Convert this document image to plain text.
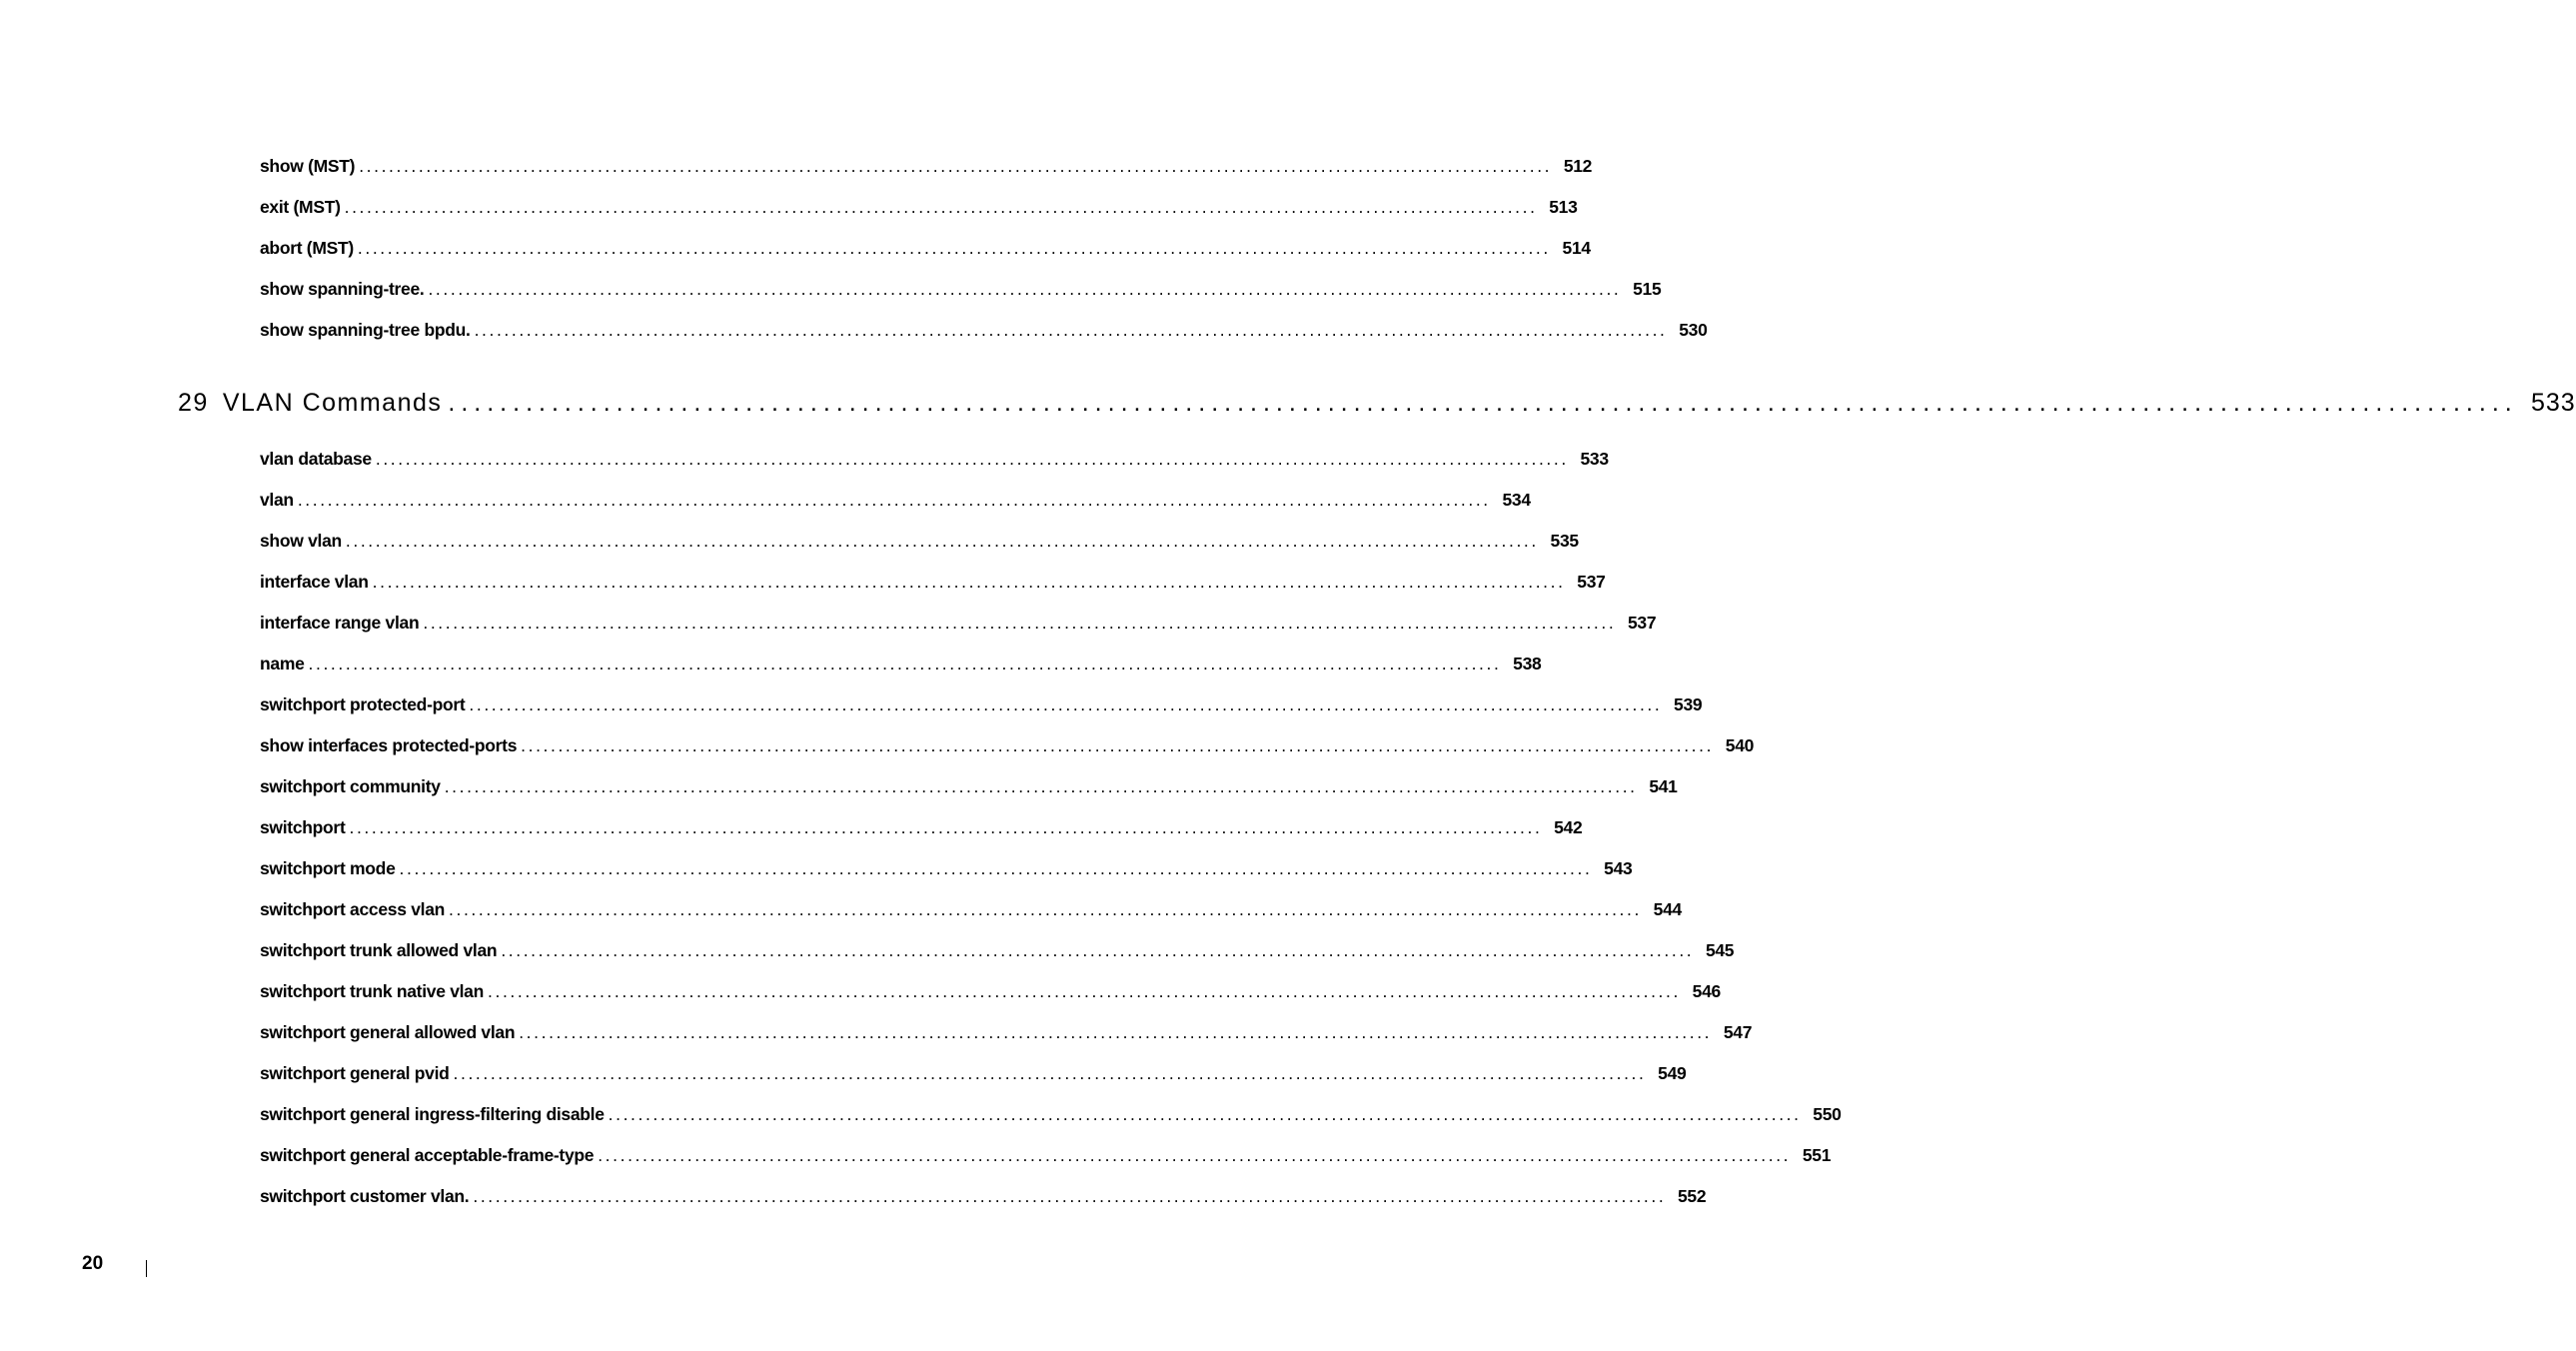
show (MST) ................................................................................................................................................................ 512
exit (MST) ................................................................................................................................................................ 513
abort (MST) ................................................................................................................................................................ 514
show spanning-tree. ................................................................................................................................................................ 515
show spanning-tree bpdu. ................................................................................................................................................................ 530
29 VLAN Commands ................................................................................................................................................................ 533
vlan database ................................................................................................................................................................ 533
vlan ................................................................................................................................................................ 534
show vlan ................................................................................................................................................................ 535
interface vlan ................................................................................................................................................................ 537
interface range vlan ................................................................................................................................................................ 537
name ................................................................................................................................................................ 538
switchport protected-port ................................................................................................................................................................ 539
show interfaces protected-ports ................................................................................................................................................................ 540
switchport community ................................................................................................................................................................ 541
switchport ................................................................................................................................................................ 542
switchport mode ................................................................................................................................................................ 543
switchport access vlan ................................................................................................................................................................ 544
switchport trunk allowed vlan ................................................................................................................................................................ 545
switchport trunk native vlan ................................................................................................................................................................ 546
switchport general allowed vlan ................................................................................................................................................................ 547
switchport general pvid ................................................................................................................................................................ 549
switchport general ingress-filtering disable ................................................................................................................................................................ 550
switchport general acceptable-frame-type ................................................................................................................................................................ 551
switchport customer vlan. ................................................................................................................................................................ 552
20
